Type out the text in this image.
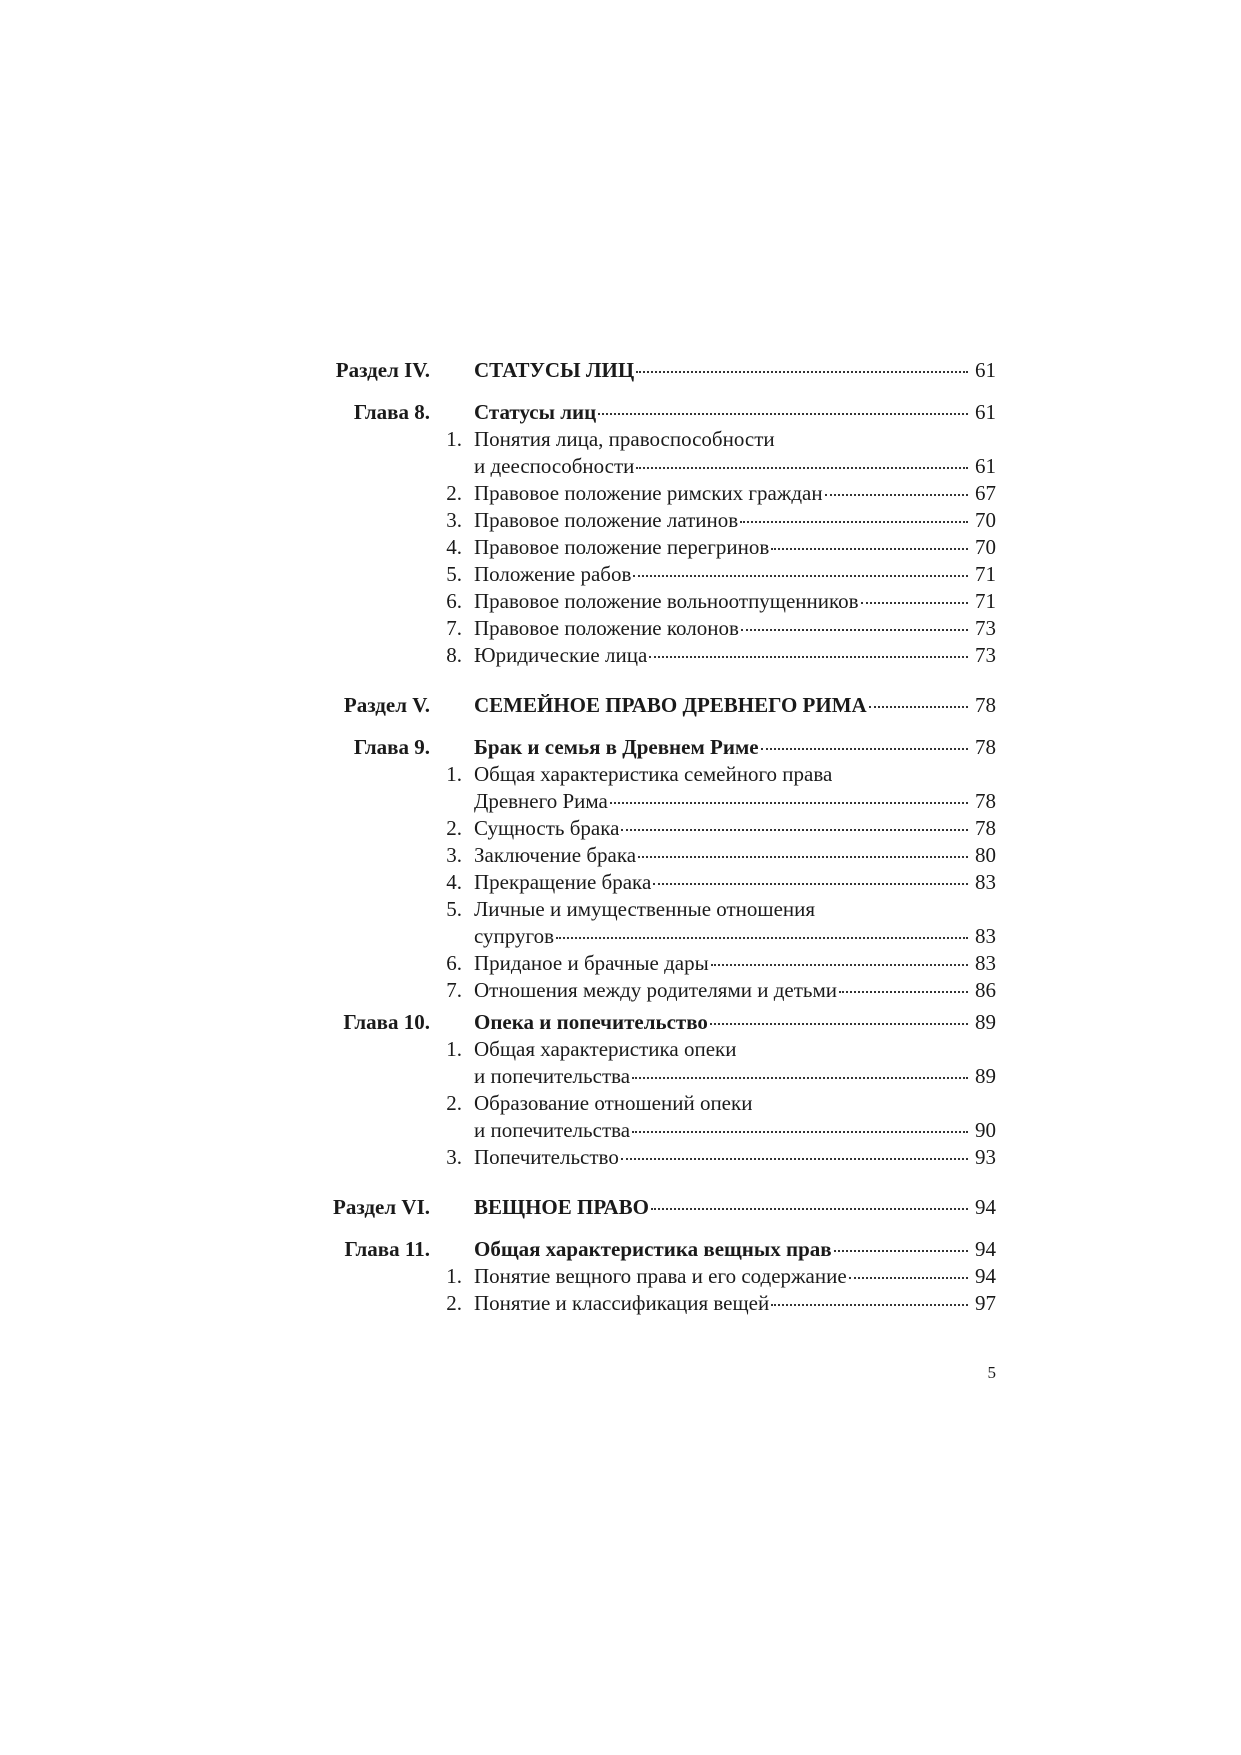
Раздел IV. СТАТУСЫ ЛИЦ	61
Глава 8. Статусы лиц	61
1. Понятия лица, правоспособности
и дееспособности	61
2. Правовое положение римских граждан	67
3. Правовое положение латинов	70
4. Правовое положение перегринов	70
5. Положение рабов	71
6. Правовое положение вольноотпущенников	71
7. Правовое положение колонов	73
8. Юридические лица	73
Раздел V. СЕМЕЙНОЕ ПРАВО ДРЕВНЕГО РИМА	78
Глава 9. Брак и семья в Древнем Риме	78
1. Общая характеристика семейного права
Древнего Рима	78
2. Сущность брака	78
3. Заключение брака	80
4. Прекращение брака	83
5. Личные и имущественные отношения
супругов	83
6. Приданое и брачные дары	83
7. Отношения между родителями и детьми	86
Глава 10. Опека и попечительство	89
1. Общая характеристика опеки
и попечительства	89
2. Образование отношений опеки
и попечительства	90
3. Попечительство	93
Раздел VI. ВЕЩНОЕ ПРАВО	94
Глава 11. Общая характеристика вещных прав	94
1. Понятие вещного права и его содержание	94
2. Понятие и классификация вещей	97
5
